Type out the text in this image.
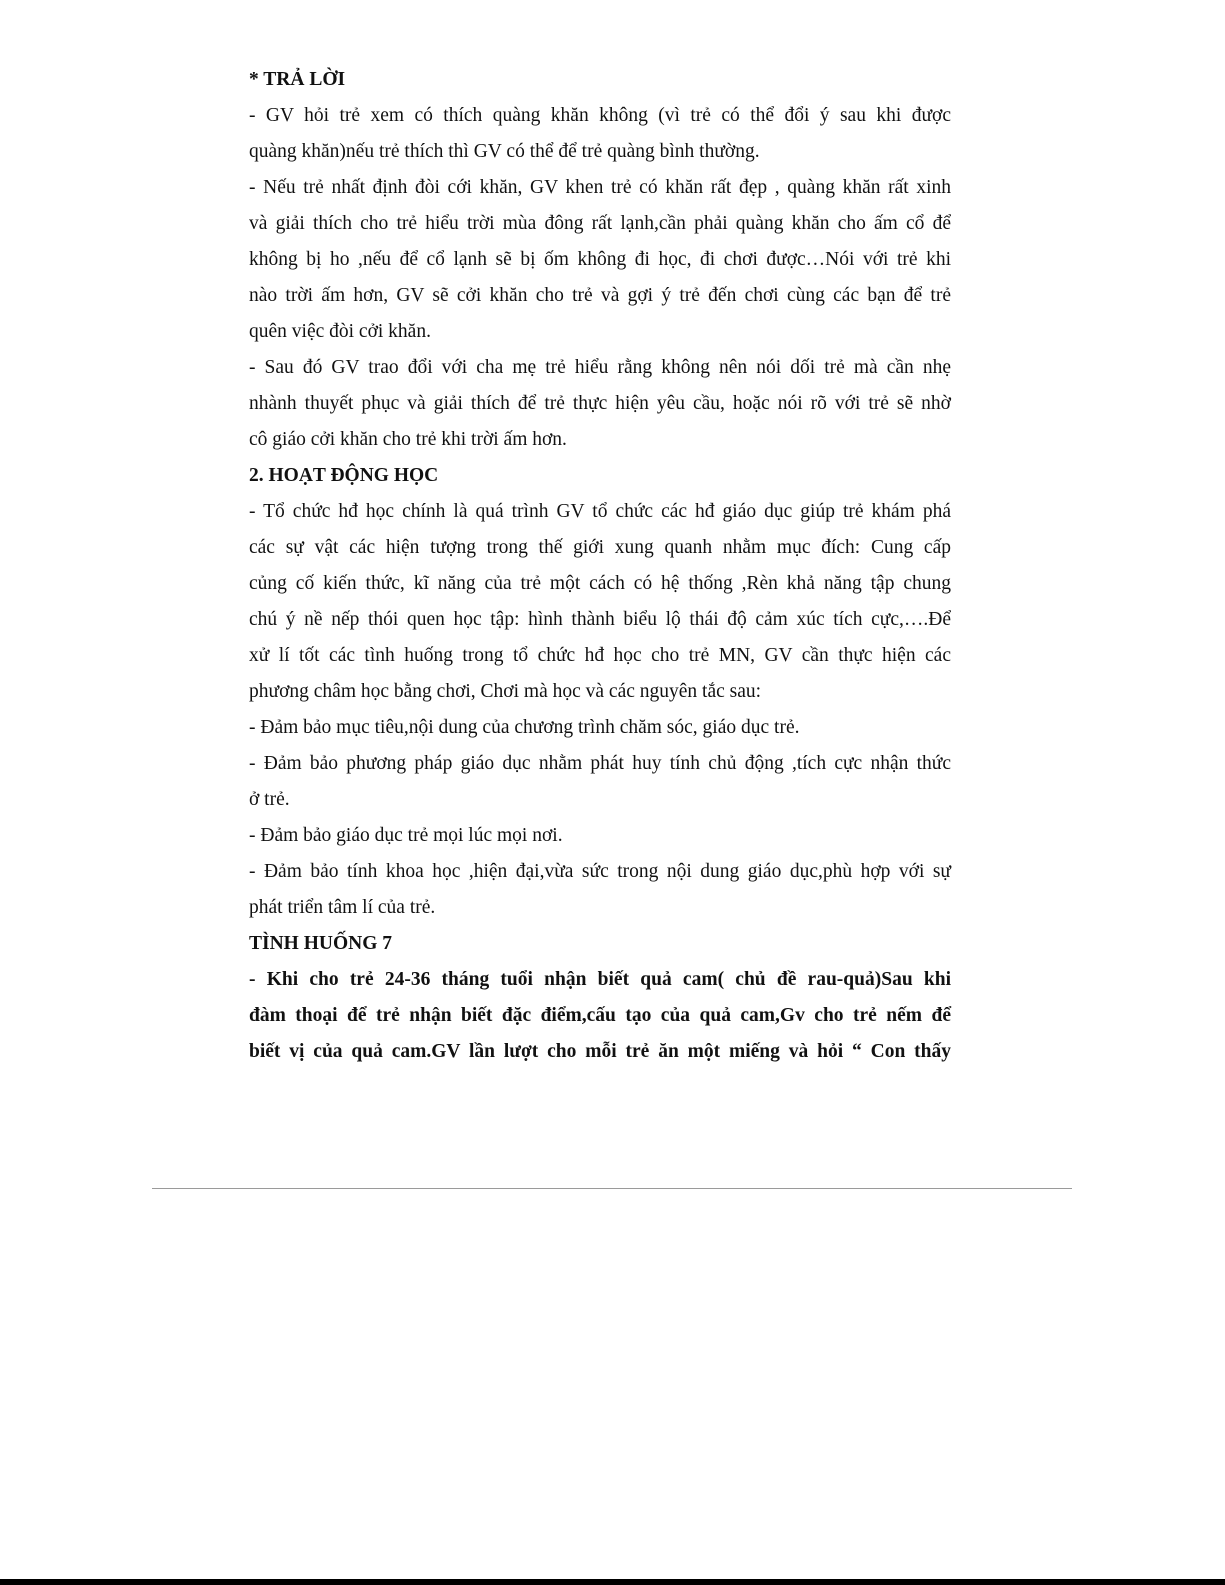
* TRẢ LỜI
- GV hỏi trẻ xem có thích quàng khăn không (vì trẻ có thể đổi ý sau khi được
quàng khăn)nếu trẻ thích thì GV có thể để trẻ quàng bình thường.
- Nếu trẻ nhất định đòi cới khăn, GV khen trẻ có khăn rất đẹp , quàng khăn rất xinh
và giải thích cho trẻ hiểu trời mùa đông rất lạnh,cần phải quàng khăn cho ấm cổ để
không bị ho ,nếu để cổ lạnh sẽ bị ốm không đi học, đi chơi được…Nói với trẻ khi
nào trời ấm hơn, GV sẽ cởi khăn cho trẻ và gợi ý trẻ đến chơi cùng các bạn để trẻ
quên việc đòi cởi khăn.
- Sau đó GV trao đổi với cha mẹ trẻ hiểu rằng không nên nói dối trẻ mà cần nhẹ
nhành thuyết phục và giải thích để trẻ thực hiện yêu cầu, hoặc nói rõ với trẻ sẽ nhờ
cô giáo cởi khăn cho trẻ khi trời ấm hơn.
2. HOẠT ĐỘNG HỌC
- Tổ chức hđ học chính là quá trình GV tổ chức các hđ giáo dục giúp trẻ khám phá
các sự vật các hiện tượng trong thế giới xung quanh nhằm mục đích: Cung cấp
củng cố kiến thức, kĩ năng của trẻ một cách có hệ thống ,Rèn khả năng tập chung
chú ý nề nếp thói quen học tập: hình thành biểu lộ thái độ cảm xúc tích cực,….Để
xử lí tốt các tình huống trong tổ chức hđ học cho trẻ MN, GV cần thực hiện các
phương châm học bằng chơi, Chơi mà học và các nguyên tắc sau:
- Đảm bảo mục tiêu,nội dung của chương trình chăm sóc, giáo dục trẻ.
- Đảm bảo phương pháp giáo dục nhằm phát huy tính chủ động ,tích cực nhận thức
ở trẻ.
- Đảm bảo giáo dục trẻ mọi lúc mọi nơi.
- Đảm bảo tính khoa học ,hiện đại,vừa sức trong nội dung giáo dục,phù hợp với sự
phát triển tâm lí của trẻ.
TÌNH HUỐNG 7
- Khi cho trẻ 24-36 tháng tuổi nhận biết quả cam( chủ đề rau-quả)Sau khi
đàm thoại để trẻ nhận biết đặc điểm,cấu tạo của quả cam,Gv cho trẻ nếm để
biết vị của quả cam.GV lần lượt cho mỗi trẻ ăn một miếng và hỏi “ Con thấy
